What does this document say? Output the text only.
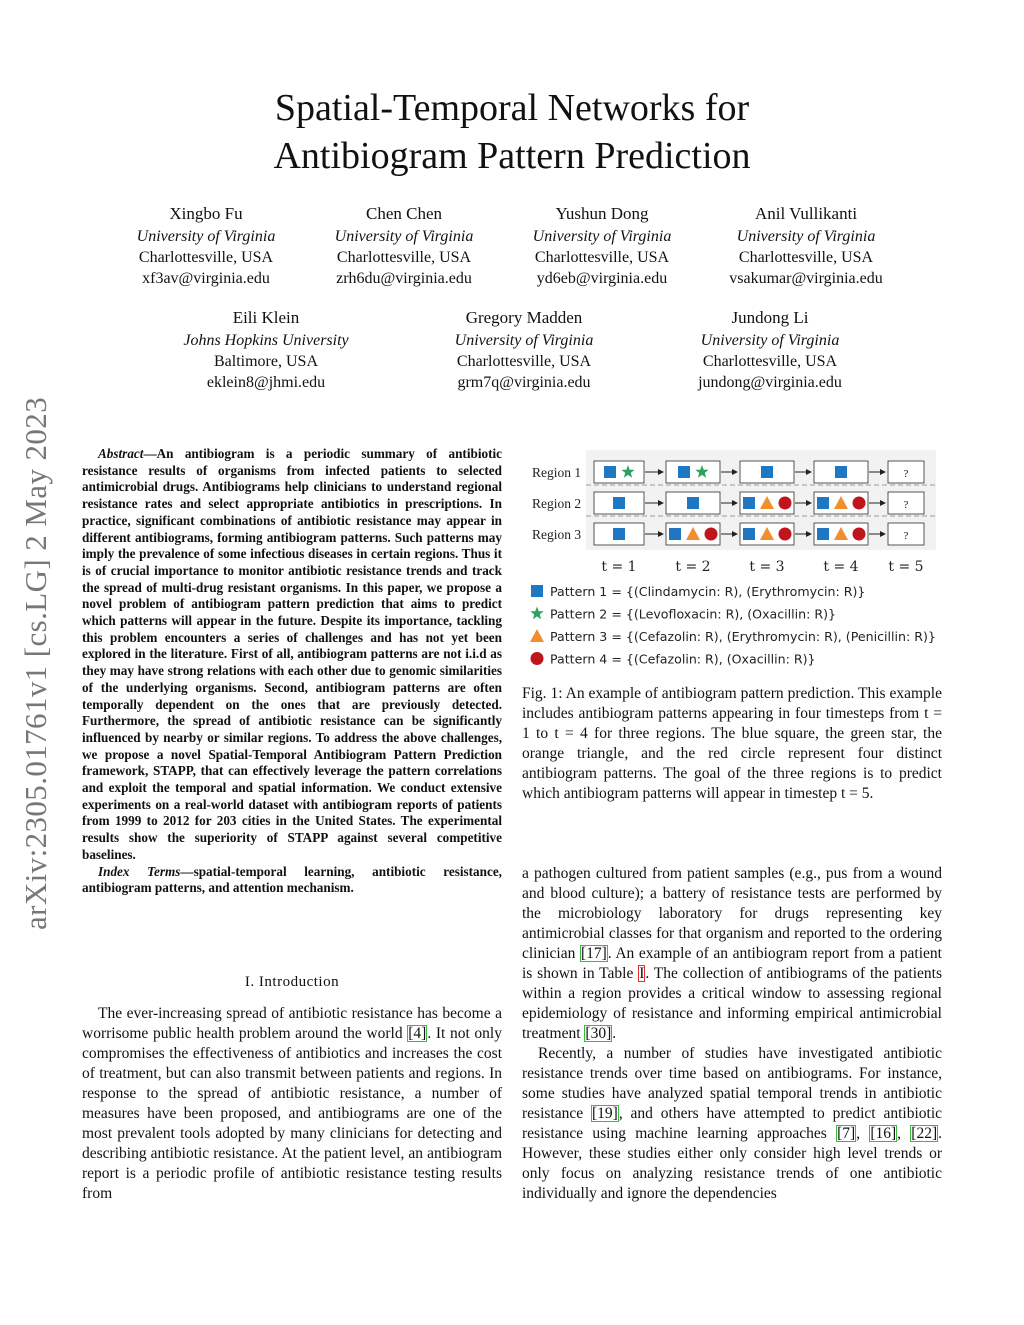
arXiv:2305.01761v1 [cs.LG] 2 May 2023
Spatial-Temporal Networks for
Antibiogram Pattern Prediction
Xingbo Fu
University of Virginia
Charlottesville, USA
xf3av@virginia.edu
Chen Chen
University of Virginia
Charlottesville, USA
zrh6du@virginia.edu
Yushun Dong
University of Virginia
Charlottesville, USA
yd6eb@virginia.edu
Anil Vullikanti
University of Virginia
Charlottesville, USA
vsakumar@virginia.edu
Eili Klein
Johns Hopkins University
Baltimore, USA
eklein8@jhmi.edu
Gregory Madden
University of Virginia
Charlottesville, USA
grm7q@virginia.edu
Jundong Li
University of Virginia
Charlottesville, USA
jundong@virginia.edu

Abstract—An antibiogram is a periodic summary of antibiotic resistance results of organisms from infected patients to selected antimicrobial drugs. Antibiograms help clinicians to understand regional resistance rates and select appropriate antibiotics in prescriptions. In practice, significant combinations of antibiotic resistance may appear in different antibiograms, forming antibiogram patterns. Such patterns may imply the prevalence of some infectious diseases in certain regions. Thus it is of crucial importance to monitor antibiotic resistance trends and track the spread of multi-drug resistant organisms. In this paper, we propose a novel problem of antibiogram pattern prediction that aims to predict which patterns will appear in the future. Despite its importance, tackling this problem encounters a series of challenges and has not yet been explored in the literature. First of all, antibiogram patterns are not i.i.d as they may have strong relations with each other due to genomic similarities of the underlying organisms. Second, antibiogram patterns are often temporally dependent on the ones that are previously detected. Furthermore, the spread of antibiotic resistance can be significantly influenced by nearby or similar regions. To address the above challenges, we propose a novel Spatial-Temporal Antibiogram Pattern Prediction framework, STAPP, that can effectively leverage the pattern correlations and exploit the temporal and spatial information. We conduct extensive experiments on a real-world dataset with antibiogram reports of patients from 1999 to 2012 for 203 cities in the United States. The experimental results show the superiority of STAPP against several competitive baselines.

Index Terms—spatial-temporal learning, antibiotic resistance, antibiogram patterns, and attention mechanism.

I. Introduction

The ever-increasing spread of antibiotic resistance has become a worrisome public health problem around the world [4]. It not only compromises the effectiveness of antibiotics and increases the cost of treatment, but can also transmit between patients and regions. In response to the spread of antibiotic resistance, a number of measures have been proposed, and antibiograms are one of the most prevalent tools adopted by many clinicians for detecting and describing antibiotic resistance. At the patient level, an antibiogram report is a periodic profile of antibiotic resistance testing results from

Region 1
Region 2
Region 3
?
?
?
t = 1	t = 2	t = 3	t = 4 t = 5
Pattern 1 = {(Clindamycin: R), (Erythromycin: R)}
Pattern 2 = {(Levofloxacin: R), (Oxacillin: R)}
Pattern 3 = {(Cefazolin: R), (Erythromycin: R), (Penicillin: R)}
Pattern 4 = {(Cefazolin: R), (Oxacillin: R)}
Fig. 1: An example of antibiogram pattern prediction. This example includes antibiogram patterns appearing in four timesteps from t = 1 to t = 4 for three regions. The blue square, the green star, the orange triangle, and the red circle represent four distinct antibiogram patterns. The goal of the three regions is to predict which antibiogram patterns will appear in timestep t = 5.

a pathogen cultured from patient samples (e.g., pus from a wound and blood culture); a battery of resistance tests are performed by the microbiology laboratory for drugs representing key antimicrobial classes for that organism and reported to the ordering clinician [17]. An example of an antibiogram report from a patient is shown in Table I. The collection of antibiograms of the patients within a region provides a critical window to assessing regional epidemiology of resistance and informing empirical antimicrobial treatment [30].

Recently, a number of studies have investigated antibiotic resistance trends over time based on antibiograms. For instance, some studies have analyzed spatial temporal trends in antibiotic resistance [19], and others have attempted to predict antibiotic resistance using machine learning approaches [7], [16], [22]. However, these studies either only consider high level trends or only focus on analyzing resistance trends of one antibiotic individually and ignore the dependencies
